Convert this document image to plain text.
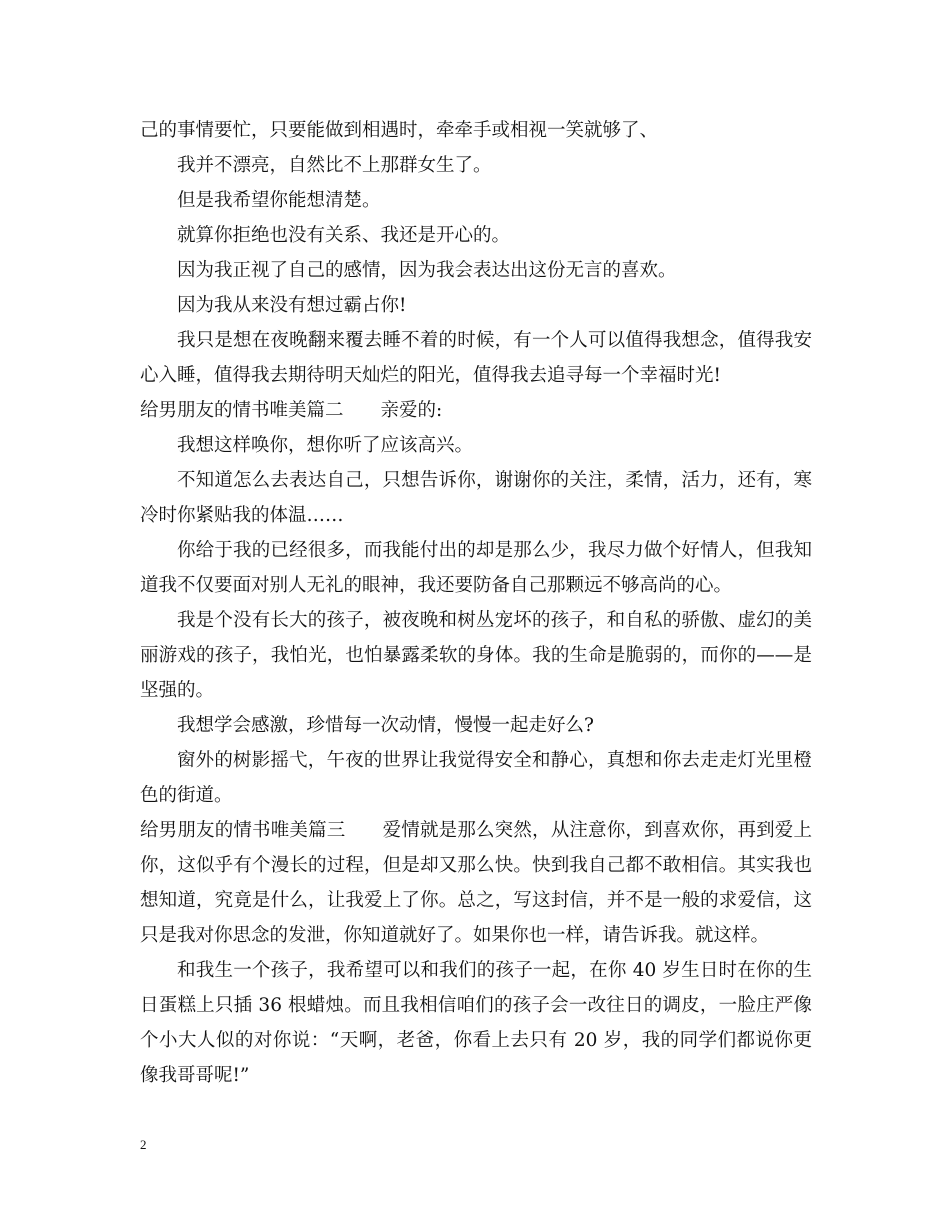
己的事情要忙，只要能做到相遇时，牵牵手或相视一笑就够了、

我并不漂亮，自然比不上那群女生了。

但是我希望你能想清楚。

就算你拒绝也没有关系、我还是开心的。

因为我正视了自己的感情，因为我会表达出这份无言的喜欢。

因为我从来没有想过霸占你!

我只是想在夜晚翻来覆去睡不着的时候，有一个人可以值得我想念，值得我安心入睡，值得我去期待明天灿烂的阳光，值得我去追寻每一个幸福时光!

给男朋友的情书唯美篇二 亲爱的:

我想这样唤你，想你听了应该高兴。

不知道怎么去表达自己，只想告诉你，谢谢你的关注，柔情，活力，还有，寒冷时你紧贴我的体温……

你给于我的已经很多，而我能付出的却是那么少，我尽力做个好情人，但我知道我不仅要面对别人无礼的眼神，我还要防备自己那颗远不够高尚的心。

我是个没有长大的孩子，被夜晚和树丛宠坏的孩子，和自私的骄傲、虚幻的美丽游戏的孩子，我怕光，也怕暴露柔软的身体。我的生命是脆弱的，而你的——是坚强的。

我想学会感激，珍惜每一次动情，慢慢一起走好么?

窗外的树影摇弋，午夜的世界让我觉得安全和静心，真想和你去走走灯光里橙色的街道。

给男朋友的情书唯美篇三 爱情就是那么突然，从注意你，到喜欢你，再到爱上你，这似乎有个漫长的过程，但是却又那么快。快到我自己都不敢相信。其实我也想知道，究竟是什么，让我爱上了你。总之，写这封信，并不是一般的求爱信，这只是我对你思念的发泄，你知道就好了。如果你也一样，请告诉我。就这样。

和我生一个孩子，我希望可以和我们的孩子一起，在你 40 岁生日时在你的生日蛋糕上只插 36 根蜡烛。而且我相信咱们的孩子会一改往日的调皮，一脸庄严像个小大人似的对你说：“天啊，老爸，你看上去只有 20 岁，我的同学们都说你更像我哥哥呢!”

2
